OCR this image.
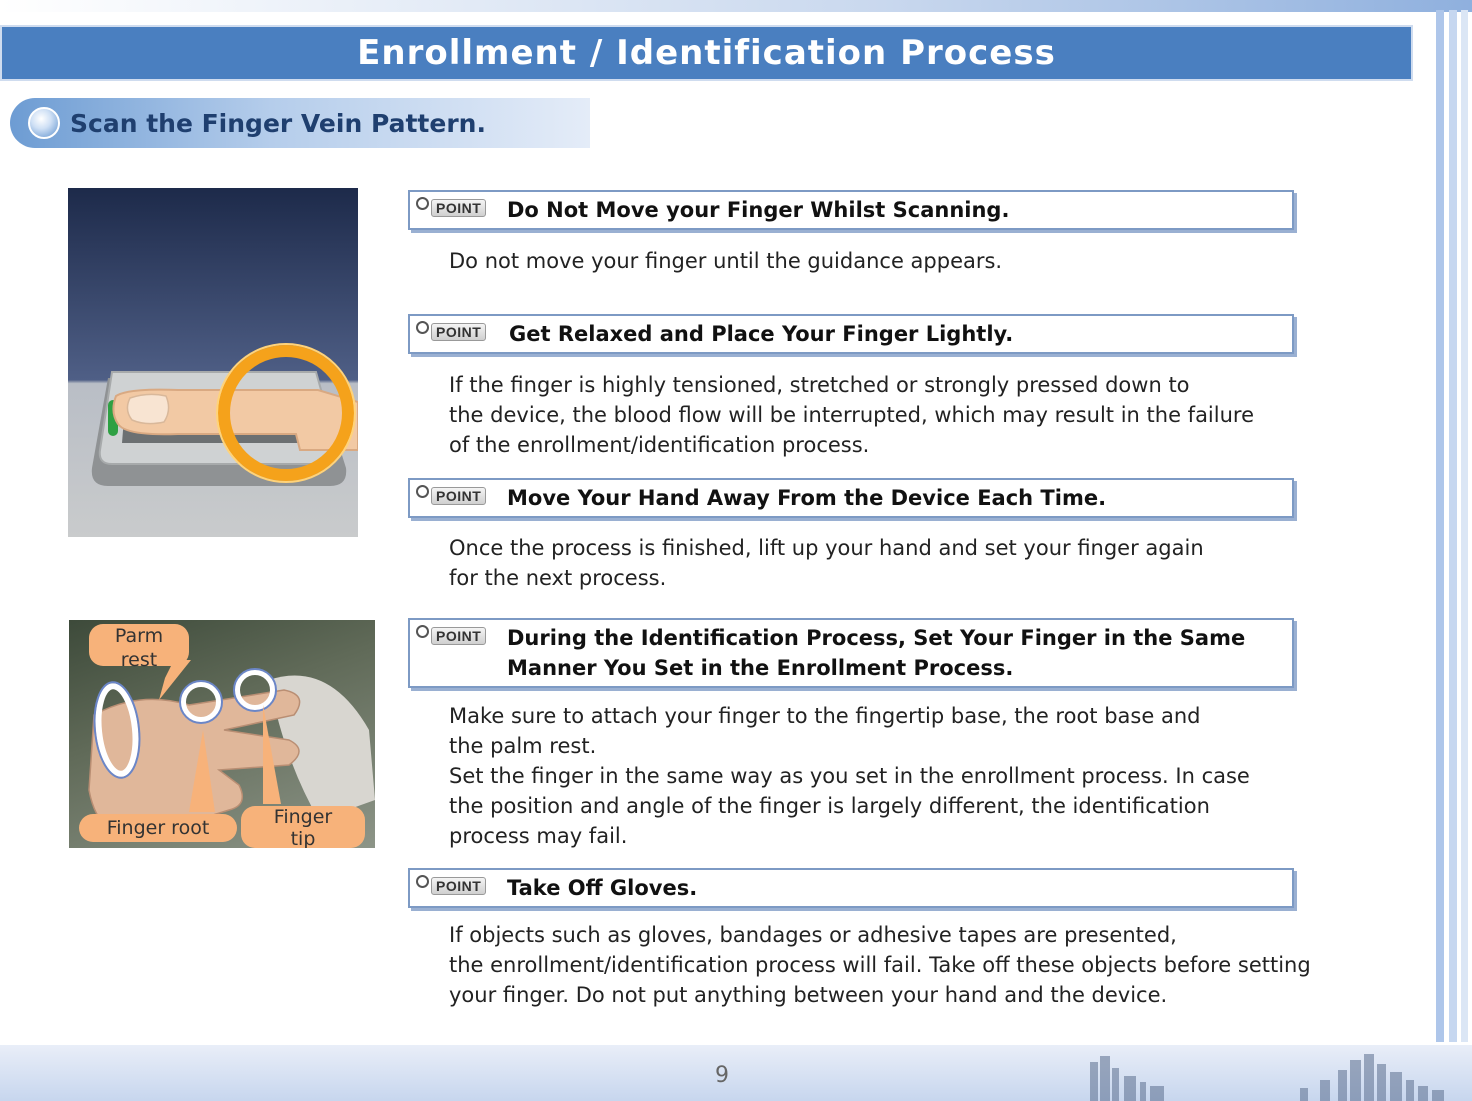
Enrollment / Identification Process
Scan the Finger Vein Pattern.
Parm
rest
Finger root	Finger
tip
POINT Do Not Move your Finger Whilst Scanning.
Do not move your finger until the guidance appears.
POINT Get Relaxed and Place Your Finger Lightly.
If the finger is highly tensioned, stretched or strongly pressed down to
the device, the blood flow will be interrupted, which may result in the failure
of the enrollment/identification process.
POINT Move Your Hand Away From the Device Each Time.
Once the process is finished, lift up your hand and set your finger again
for the next process.
POINT During the Identification Process, Set Your Finger in the Same
Manner You Set in the Enrollment Process.
Make sure to attach your finger to the fingertip base, the root base and
the palm rest.
Set the finger in the same way as you set in the enrollment process. In case
the position and angle of the finger is largely different, the identification
process may fail.
POINT Take Off Gloves.
If objects such as gloves, bandages or adhesive tapes are presented,
the enrollment/identification process will fail. Take off these objects before setting
your finger. Do not put anything between your hand and the device.
9
